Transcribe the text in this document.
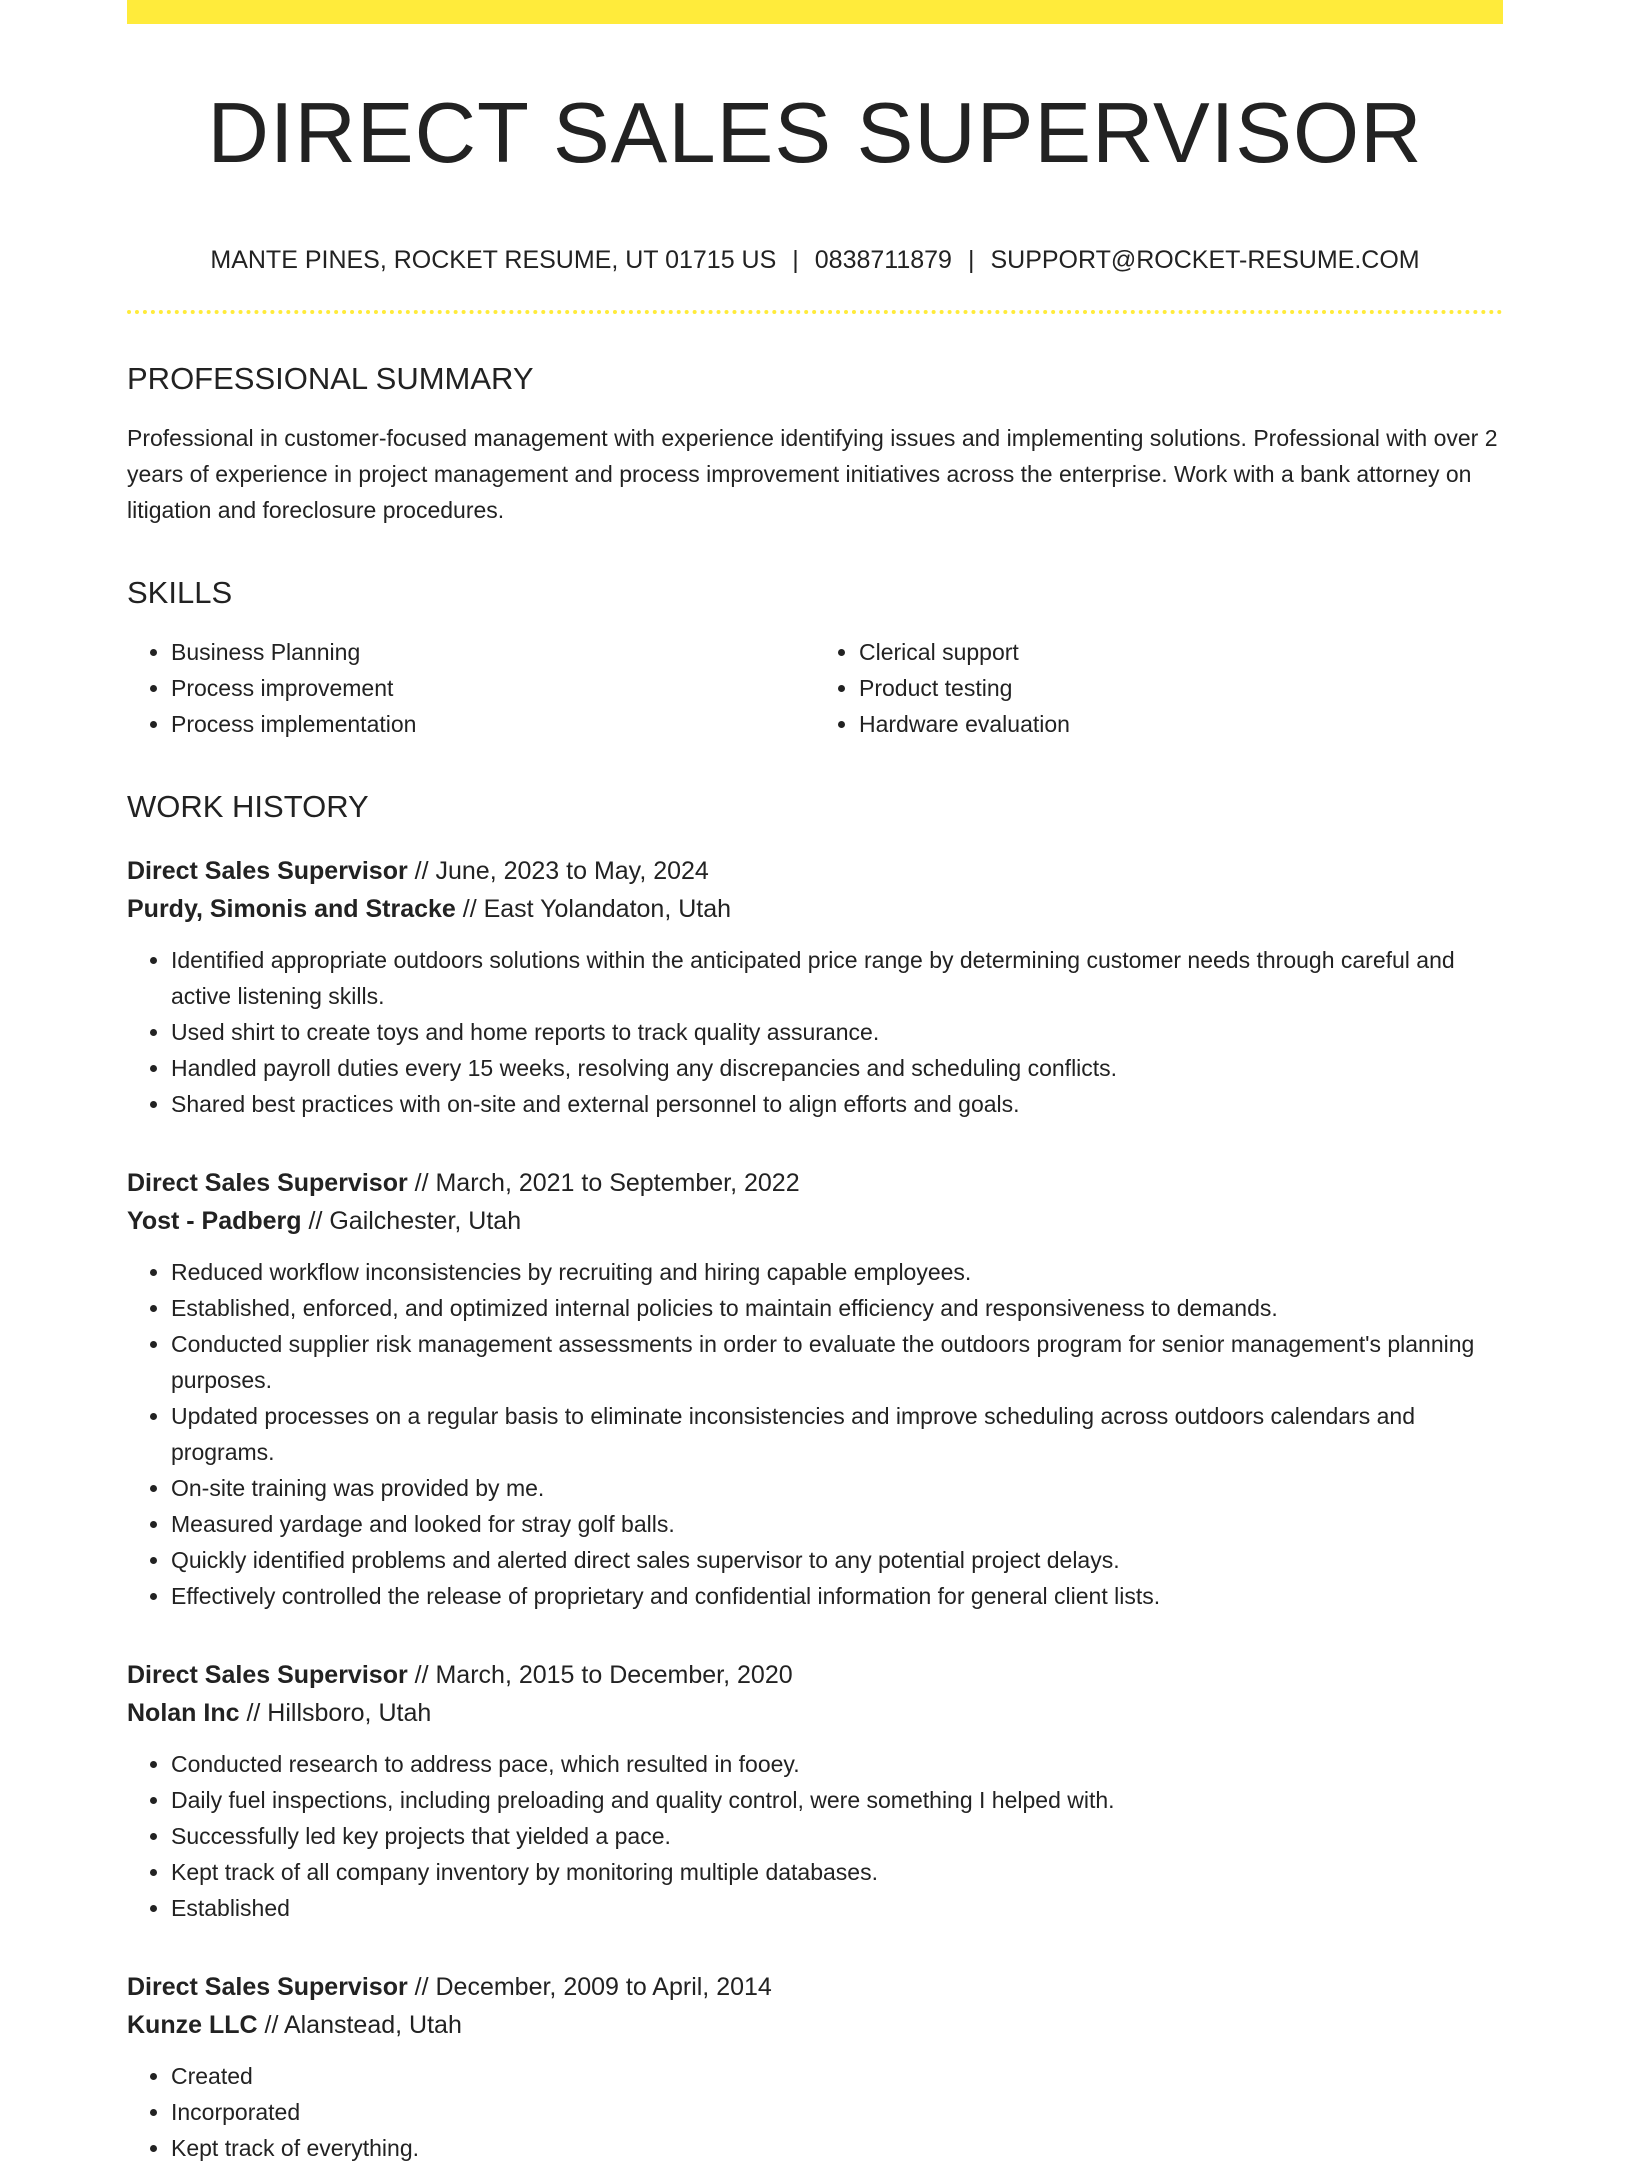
DIRECT SALES SUPERVISOR
MANTE PINES, ROCKET RESUME, UT 01715 US | 0838711879 | SUPPORT@ROCKET-RESUME.COM
PROFESSIONAL SUMMARY
Professional in customer-focused management with experience identifying issues and implementing solutions. Professional with over 2 years of experience in project management and process improvement initiatives across the enterprise. Work with a bank attorney on litigation and foreclosure procedures.
SKILLS
• Business Planning
• Process improvement
• Process implementation
• Clerical support
• Product testing
• Hardware evaluation
WORK HISTORY
Direct Sales Supervisor // June, 2023 to May, 2024
Purdy, Simonis and Stracke // East Yolandaton, Utah
• Identified appropriate outdoors solutions within the anticipated price range by determining customer needs through careful and active listening skills.
• Used shirt to create toys and home reports to track quality assurance.
• Handled payroll duties every 15 weeks, resolving any discrepancies and scheduling conflicts.
• Shared best practices with on-site and external personnel to align efforts and goals.
Direct Sales Supervisor // March, 2021 to September, 2022
Yost - Padberg // Gailchester, Utah
• Reduced workflow inconsistencies by recruiting and hiring capable employees.
• Established, enforced, and optimized internal policies to maintain efficiency and responsiveness to demands.
• Conducted supplier risk management assessments in order to evaluate the outdoors program for senior management's planning purposes.
• Updated processes on a regular basis to eliminate inconsistencies and improve scheduling across outdoors calendars and programs.
• On-site training was provided by me.
• Measured yardage and looked for stray golf balls.
• Quickly identified problems and alerted direct sales supervisor to any potential project delays.
• Effectively controlled the release of proprietary and confidential information for general client lists.
Direct Sales Supervisor // March, 2015 to December, 2020
Nolan Inc // Hillsboro, Utah
• Conducted research to address pace, which resulted in fooey.
• Daily fuel inspections, including preloading and quality control, were something I helped with.
• Successfully led key projects that yielded a pace.
• Kept track of all company inventory by monitoring multiple databases.
• Established
Direct Sales Supervisor // December, 2009 to April, 2014
Kunze LLC // Alanstead, Utah
• Created
• Incorporated
• Kept track of everything.
